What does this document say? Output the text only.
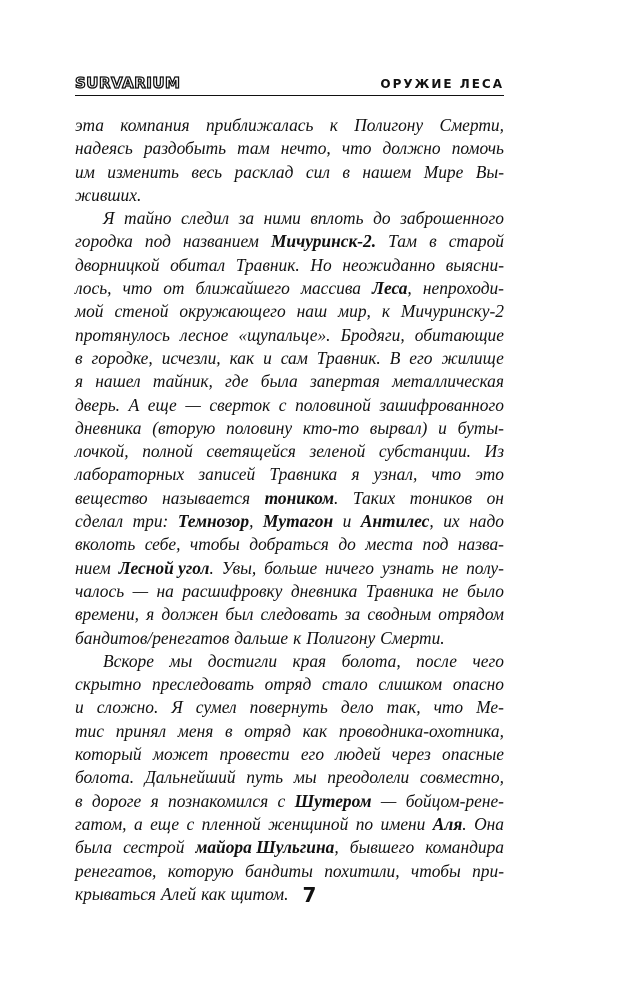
SURVARIUM	ОРУЖИЕ ЛЕСА
эта компания приближалась к Полигону Смерти,
надеясь раздобыть там нечто, что должно помочь
им изменить весь расклад сил в нашем Мире Вы-
живших.
Я тайно следил за ними вплоть до заброшенного
городка под названием Мичуринск-2. Там в старой
дворницкой обитал Травник. Но неожиданно выясни-
лось, что от ближайшего массива Леса, непроходи-
мой стеной окружающего наш мир, к Мичуринску-2
протянулось лесное «щупальце». Бродяги, обитающие
в городке, исчезли, как и сам Травник. В его жилище
я нашел тайник, где была запертая металлическая
дверь. А еще — сверток с половиной зашифрованного
дневника (вторую половину кто-то вырвал) и буты-
лочкой, полной светящейся зеленой субстанции. Из
лабораторных записей Травника я узнал, что это
вещество называется тоником. Таких тоников он
сделал три: Темнозор, Мутагон и Антилес, их надо
вколоть себе, чтобы добраться до места под назва-
нием Лесной угол. Увы, больше ничего узнать не полу-
чалось — на расшифровку дневника Травника не было
времени, я должен был следовать за сводным отрядом
бандитов/ренегатов дальше к Полигону Смерти.
Вскоре мы достигли края болота, после чего
скрытно преследовать отряд стало слишком опасно
и сложно. Я сумел повернуть дело так, что Ме-
тис принял меня в отряд как проводника-охотника,
который может провести его людей через опасные
болота. Дальнейший путь мы преодолели совместно,
в дороге я познакомился с Шутером — бойцом-ренe-
гатом, а еще с пленной женщиной по имени Аля. Она
была сестрой майора Шульгина, бывшего командира
ренегатов, которую бандиты похитили, чтобы при-
крываться Алей как щитом. 7
